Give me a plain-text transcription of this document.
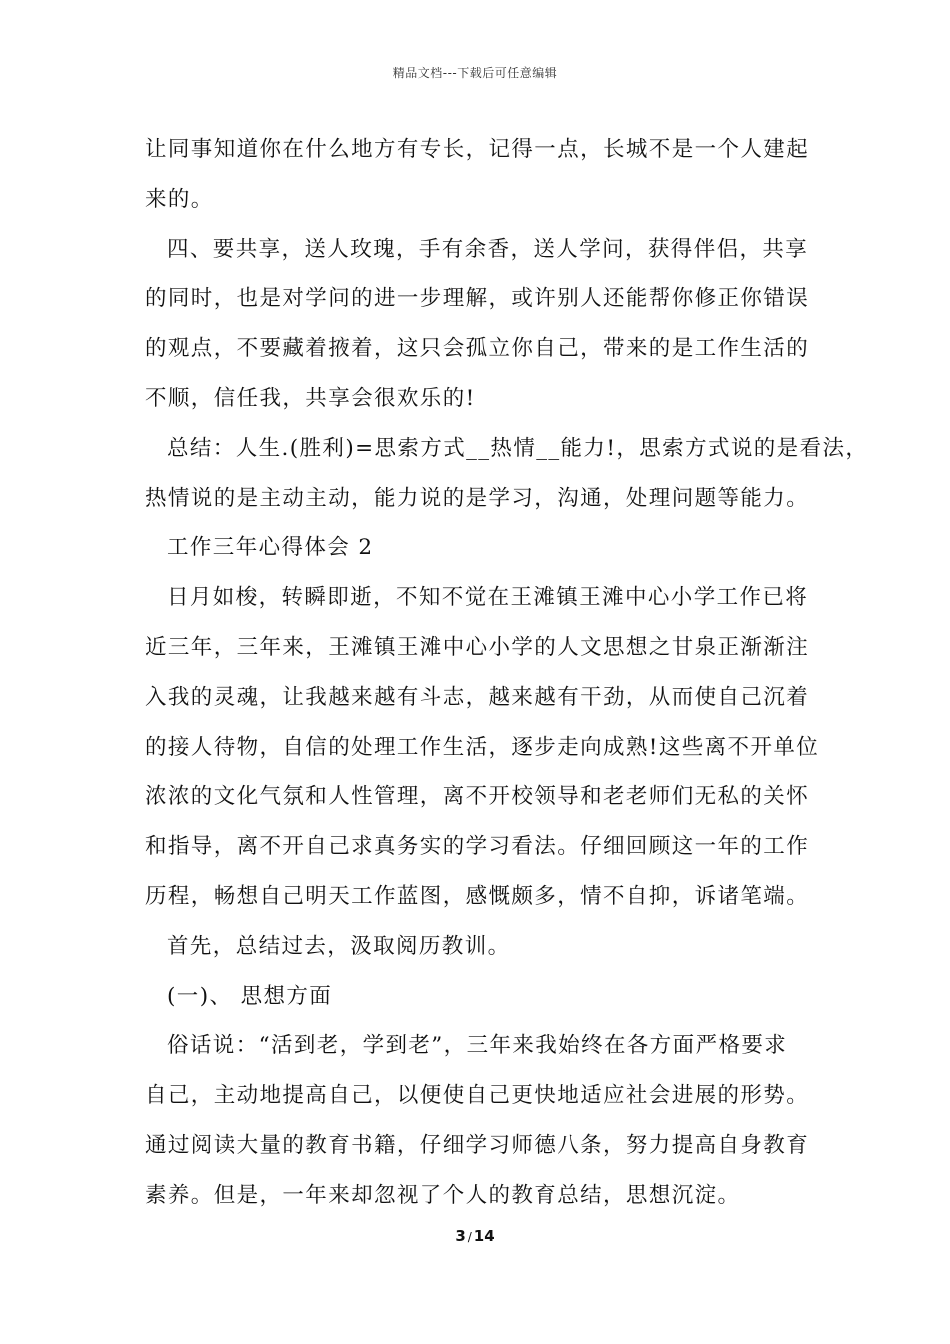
精品文档---下载后可任意编辑
让同事知道你在什么地方有专长，记得一点，长城不是一个人建起
来的。
四、要共享，送人玫瑰，手有余香，送人学问，获得伴侣，共享
的同时，也是对学问的进一步理解，或许别人还能帮你修正你错误
的观点，不要藏着掖着，这只会孤立你自己，带来的是工作生活的
不顺，信任我，共享会很欢乐的!
总结：人生.(胜利)=思索方式__热情__能力!，思索方式说的是看法，
热情说的是主动主动，能力说的是学习，沟通，处理问题等能力。
工作三年心得体会 2
日月如梭，转瞬即逝，不知不觉在王滩镇王滩中心小学工作已将
近三年，三年来，王滩镇王滩中心小学的人文思想之甘泉正渐渐注
入我的灵魂，让我越来越有斗志，越来越有干劲，从而使自己沉着
的接人待物，自信的处理工作生活，逐步走向成熟!这些离不开单位
浓浓的文化气氛和人性管理，离不开校领导和老老师们无私的关怀
和指导，离不开自己求真务实的学习看法。仔细回顾这一年的工作
历程，畅想自己明天工作蓝图，感慨颇多，情不自抑，诉诸笔端。
首先，总结过去，汲取阅历教训。
(一)、 思想方面
俗话说：“活到老，学到老”，三年来我始终在各方面严格要求
自己，主动地提高自己，以便使自己更快地适应社会进展的形势。
通过阅读大量的教育书籍，仔细学习师德八条，努力提高自身教育
素养。但是，一年来却忽视了个人的教育总结，思想沉淀。
3 / 14
